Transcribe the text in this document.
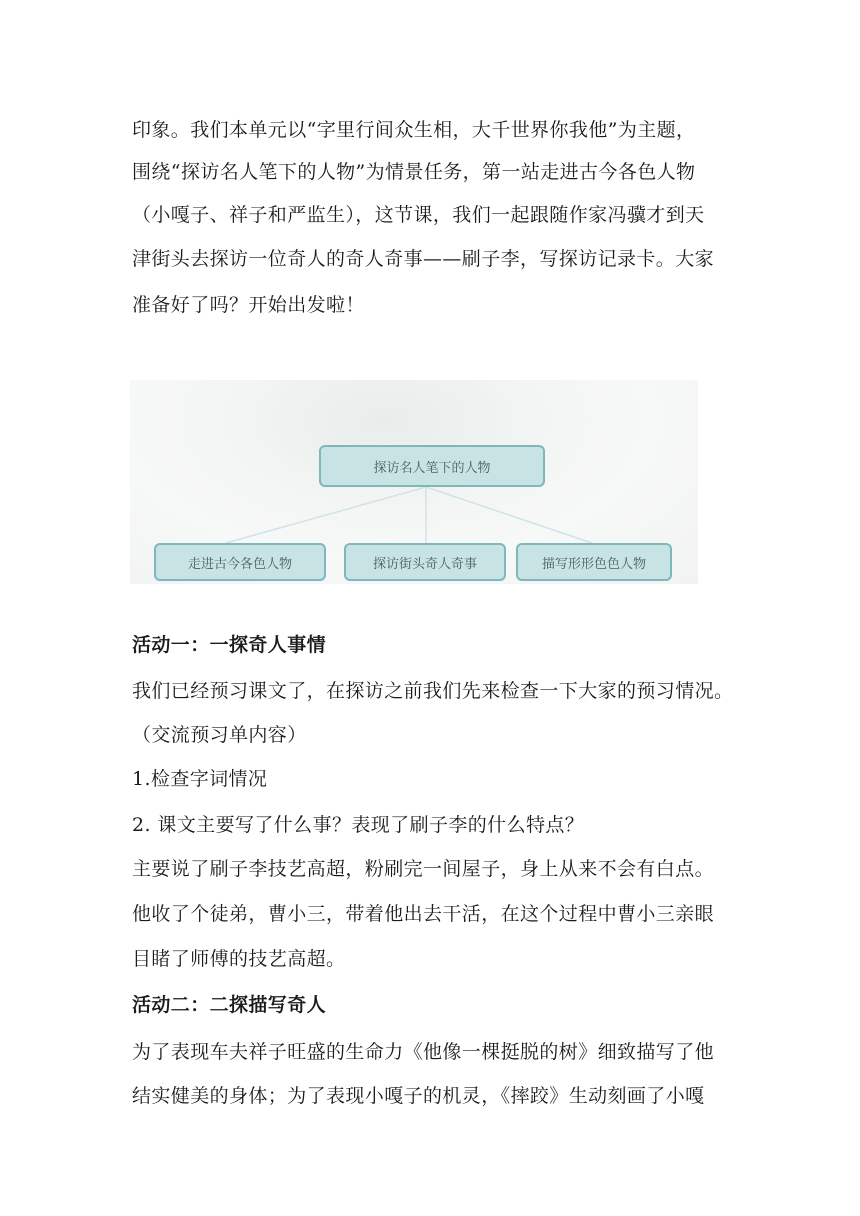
印象。我们本单元以“字里行间众生相，大千世界你我他”为主题，
围绕“探访名人笔下的人物”为情景任务，第一站走进古今各色人物
（小嘎子、祥子和严监生），这节课，我们一起跟随作家冯骥才到天
津街头去探访一位奇人的奇人奇事——刷子李，写探访记录卡。大家
准备好了吗？开始出发啦！
探访名人笔下的人物
走进古今各色人物	探访街头奇人奇事	描写形形色色人物
活动一：一探奇人事情
我们已经预习课文了，在探访之前我们先来检查一下大家的预习情况。
（交流预习单内容）
1.检查字词情况
2. 课文主要写了什么事？表现了刷子李的什么特点？
主要说了刷子李技艺高超，粉刷完一间屋子，身上从来不会有白点。
他收了个徒弟，曹小三，带着他出去干活，在这个过程中曹小三亲眼
目睹了师傅的技艺高超。
活动二：二探描写奇人
为了表现车夫祥子旺盛的生命力《他像一棵挺脱的树》细致描写了他
结实健美的身体；为了表现小嘎子的机灵，《摔跤》生动刻画了小嘎
